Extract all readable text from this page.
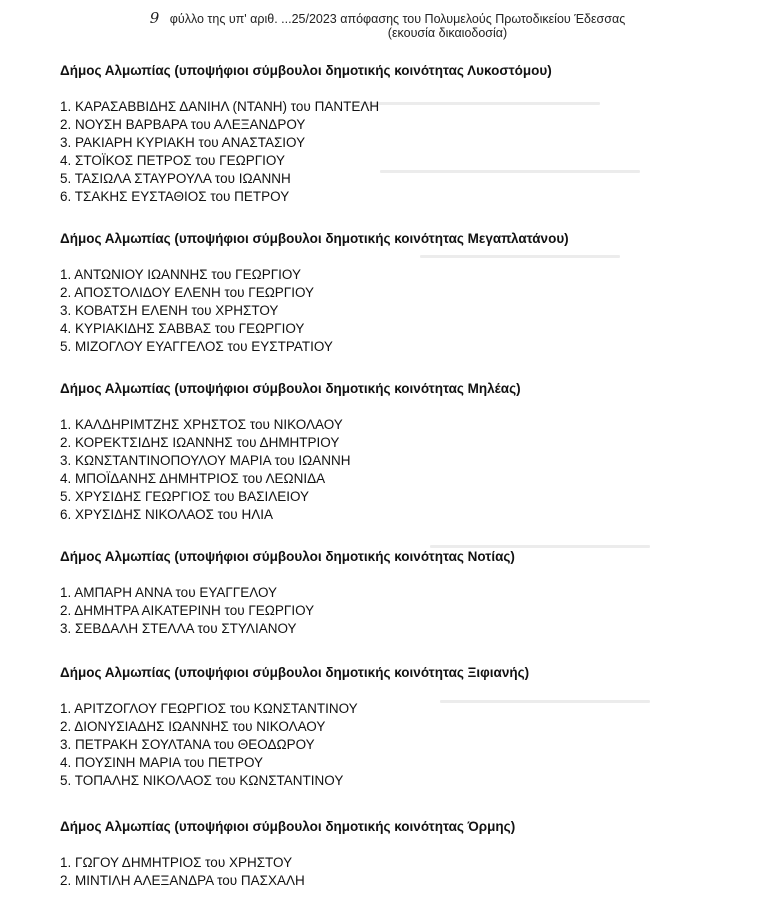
9 φύλλο της υπ' αριθ. ...25/2023 απόφασης του Πολυμελούς Πρωτοδικείου Έδεσσας
(εκουσία δικαιοδοσία)
Δήμος Αλμωπίας (υποψήφιοι σύμβουλοι δημοτικής κοινότητας Λυκοστόμου)
1. ΚΑΡΑΣΑΒΒΙΔΗΣ ΔΑΝΙΗΛ (ΝΤΑΝΗ) του ΠΑΝΤΕΛΗ
2. ΝΟΥΣΗ ΒΑΡΒΑΡΑ του ΑΛΕΞΑΝΔΡΟΥ
3. ΡΑΚΙΑΡΗ ΚΥΡΙΑΚΗ του ΑΝΑΣΤΑΣΙΟΥ
4. ΣΤΟΪΚΟΣ ΠΕΤΡΟΣ του ΓΕΩΡΓΙΟΥ
5. ΤΑΣΙΩΛΑ ΣΤΑΥΡΟΥΛΑ του ΙΩΑΝΝΗ
6. ΤΣΑΚΗΣ ΕΥΣΤΑΘΙΟΣ του ΠΕΤΡΟΥ
Δήμος Αλμωπίας (υποψήφιοι σύμβουλοι δημοτικής κοινότητας Μεγαπλατάνου)
1. ΑΝΤΩΝΙΟΥ ΙΩΑΝΝΗΣ του ΓΕΩΡΓΙΟΥ
2. ΑΠΟΣΤΟΛΙΔΟΥ ΕΛΕΝΗ του ΓΕΩΡΓΙΟΥ
3. ΚΟΒΑΤΣΗ ΕΛΕΝΗ του ΧΡΗΣΤΟΥ
4. ΚΥΡΙΑΚΙΔΗΣ ΣΑΒΒΑΣ του ΓΕΩΡΓΙΟΥ
5. ΜΙΖΟΓΛΟΥ ΕΥΑΓΓΕΛΟΣ του ΕΥΣΤΡΑΤΙΟΥ
Δήμος Αλμωπίας (υποψήφιοι σύμβουλοι δημοτικής κοινότητας Μηλέας)
1. ΚΑΛΔΗΡΙΜΤΖΗΣ ΧΡΗΣΤΟΣ του ΝΙΚΟΛΑΟΥ
2. ΚΟΡΕΚΤΣΙΔΗΣ ΙΩΑΝΝΗΣ του ΔΗΜΗΤΡΙΟΥ
3. ΚΩΝΣΤΑΝΤΙΝΟΠΟΥΛΟΥ ΜΑΡΙΑ του ΙΩΑΝΝΗ
4. ΜΠΟΪΔΑΝΗΣ ΔΗΜΗΤΡΙΟΣ του ΛΕΩΝΙΔΑ
5. ΧΡΥΣΙΔΗΣ ΓΕΩΡΓΙΟΣ του ΒΑΣΙΛΕΙΟΥ
6. ΧΡΥΣΙΔΗΣ ΝΙΚΟΛΑΟΣ του ΗΛΙΑ
Δήμος Αλμωπίας (υποψήφιοι σύμβουλοι δημοτικής κοινότητας Νοτίας)
1. ΑΜΠΑΡΗ ΑΝΝΑ του ΕΥΑΓΓΕΛΟΥ
2. ΔΗΜΗΤΡΑ ΑΙΚΑΤΕΡΙΝΗ του ΓΕΩΡΓΙΟΥ
3. ΣΕΒΔΑΛΗ ΣΤΕΛΛΑ του ΣΤΥΛΙΑΝΟΥ
Δήμος Αλμωπίας (υποψήφιοι σύμβουλοι δημοτικής κοινότητας Ξιφιανής)
1. ΑΡΙΤΖΟΓΛΟΥ ΓΕΩΡΓΙΟΣ του ΚΩΝΣΤΑΝΤΙΝΟΥ
2. ΔΙΟΝΥΣΙΑΔΗΣ ΙΩΑΝΝΗΣ του ΝΙΚΟΛΑΟΥ
3. ΠΕΤΡΑΚΗ ΣΟΥΛΤΑΝΑ του ΘΕΟΔΩΡΟΥ
4. ΠΟΥΣΙΝΗ ΜΑΡΙΑ του ΠΕΤΡΟΥ
5. ΤΟΠΑΛΗΣ ΝΙΚΟΛΑΟΣ του ΚΩΝΣΤΑΝΤΙΝΟΥ
Δήμος Αλμωπίας (υποψήφιοι σύμβουλοι δημοτικής κοινότητας Όρμης)
1. ΓΩΓΟΥ ΔΗΜΗΤΡΙΟΣ του ΧΡΗΣΤΟΥ
2. ΜΙΝΤΙΛΗ ΑΛΕΞΑΝΔΡΑ του ΠΑΣΧΑΛΗ
